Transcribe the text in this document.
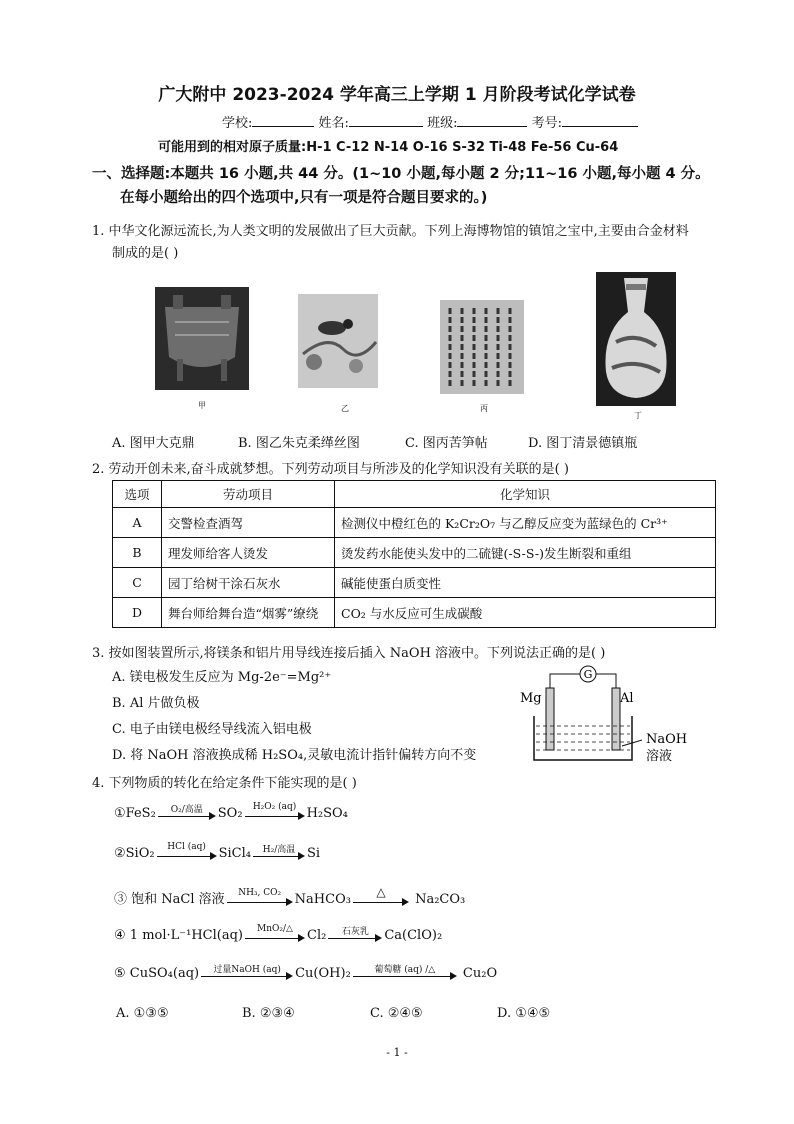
广大附中 2023-2024 学年高三上学期 1 月阶段考试化学试卷
学校:	姓名:	班级:	考号:
可能用到的相对原子质量:H-1 C-12 N-14 O-16 S-32 Ti-48 Fe-56 Cu-64
一、选择题:本题共 16 小题,共 44 分。(1~10 小题,每小题 2 分;11~16 小题,每小题 4 分。
在每小题给出的四个选项中,只有一项是符合题目要求的。)
1. 中华文化源远流长,为人类文明的发展做出了巨大贡献。下列上海博物馆的镇馆之宝中,主要由合金材料
制成的是( )
甲	乙	丙
丁
A. 图甲大克鼎	B. 图乙朱克柔缂丝图	C. 图丙苦笋帖	D. 图丁清景德镇瓶
2. 劳动开创未来,奋斗成就梦想。下列劳动项目与所涉及的化学知识没有关联的是( )
选项	劳动项目	化学知识
A	交警检查酒驾	检测仪中橙红色的 K₂Cr₂O₇ 与乙醇反应变为蓝绿色的 Cr³⁺
B	理发师给客人烫发	烫发药水能使头发中的二硫键(-S-S-)发生断裂和重组
C	园丁给树干涂石灰水	碱能使蛋白质变性
D	舞台师给舞台造“烟雾”缭绕	CO₂ 与水反应可生成碳酸
3. 按如图装置所示,将镁条和铝片用导线连接后插入 NaOH 溶液中。下列说法正确的是( )
A. 镁电极发生反应为 Mg-2e⁻=Mg²⁺
B. Al 片做负极
C. 电子由镁电极经导线流入铝电极
D. 将 NaOH 溶液换成稀 H₂SO₄,灵敏电流计指针偏转方向不变
G
Mg	Al
NaOH
溶液
4. 下列物质的转化在给定条件下能实现的是( )
①FeS₂	O₂/高温	SO₂	H₂O₂ (aq) H₂SO₄
②SiO₂	HCl (aq) SiCl₄	H₂/高温 Si
③ 饱和 NaCl 溶液	NH₃, CO₂	NaHCO₃
△
Na₂CO₃
④ 1 mol·L⁻¹HCl(aq)	MnO₂/△	Cl₂	石灰乳	Ca(ClO)₂
⑤ CuSO₄(aq)	过量NaOH (aq)	Cu(OH)₂	葡萄糖 (aq) /△	Cu₂O
A. ①③⑤	B. ②③④	C. ②④⑤	D. ①④⑤
- 1 -
